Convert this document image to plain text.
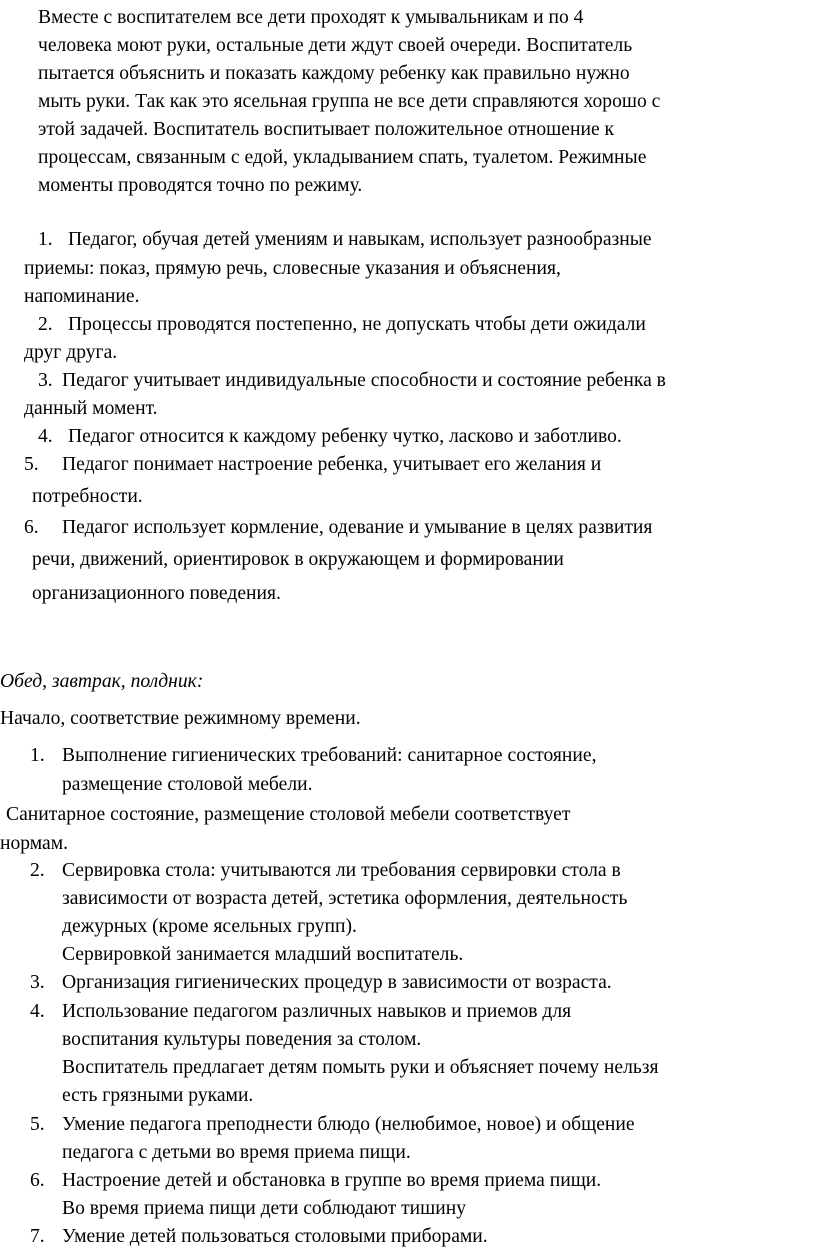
Вместе с воспитателем все дети проходят к умывальникам и по 4
человека моют руки, остальные дети ждут своей очереди. Воспитатель
пытается объяснить и показать каждому ребенку как правильно нужно
мыть руки. Так как это ясельная группа не все дети справляются хорошо с
этой задачей. Воспитатель воспитывает положительное отношение к
процессам, связанным с едой, укладыванием спать, туалетом. Режимные
моменты проводятся точно по режиму.
1. Педагог, обучая детей умениям и навыкам, использует разнообразные
приемы: показ, прямую речь, словесные указания и объяснения,
напоминание.
2. Процессы проводятся постепенно, не допускать чтобы дети ожидали
друг друга.
3. Педагог учитывает индивидуальные способности и состояние ребенка в
данный момент.
4. Педагог относится к каждому ребенку чутко, ласково и заботливо.
5. Педагог понимает настроение ребенка, учитывает его желания и
потребности.
6. Педагог использует кормление, одевание и умывание в целях развития
речи, движений, ориентировок в окружающем и формировании
организационного поведения.
Обед, завтрак, полдник:
Начало, соответствие режимному времени.
1. Выполнение гигиенических требований: санитарное состояние,
размещение столовой мебели.
Санитарное состояние, размещение столовой мебели соответствует
нормам.
2. Сервировка стола: учитываются ли требования сервировки стола в
зависимости от возраста детей, эстетика оформления, деятельность
дежурных (кроме ясельных групп).
Сервировкой занимается младший воспитатель.
3. Организация гигиенических процедур в зависимости от возраста.
4. Использование педагогом различных навыков и приемов для
воспитания культуры поведения за столом.
Воспитатель предлагает детям помыть руки и объясняет почему нельзя
есть грязными руками.
5. Умение педагога преподнести блюдо (нелюбимое, новое) и общение
педагога с детьми во время приема пищи.
6. Настроение детей и обстановка в группе во время приема пищи.
Во время приема пищи дети соблюдают тишину
7. Умение детей пользоваться столовыми приборами.
